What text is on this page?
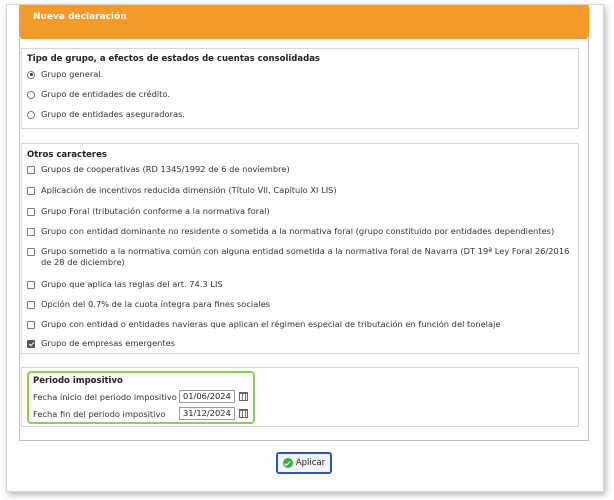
Nueva declaración
Tipo de grupo, a efectos de estados de cuentas consolidadas
Grupo general.
Grupo de entidades de crédito.
Grupo de entidades aseguradoras.
Otros caracteres
Grupos de cooperativas (RD 1345/1992 de 6 de noviembre)
Aplicación de incentivos reducida dimensión (Título VII, Capítulo XI LIS)
Grupo Foral (tributación conforme a la normativa foral)
Grupo con entidad dominante no residente o sometida a la normativa foral (grupo constituido por entidades dependientes)
Grupo sometido a la normativa común con alguna entidad sometida a la normativa foral de Navarra (DT 19ª Ley Foral 26/2016 de 28 de diciembre)
Grupo que aplica las reglas del art. 74.3 LIS
Opción del 0.7% de la cuota íntegra para fines sociales
Grupo con entidad o entidades navieras que aplican el régimen especial de tributación en función del tonelaje
Grupo de empresas emergentes
Periodo impositivo
Fecha inicio del periodo impositivo 01/06/2024
Fecha fin del periodo impositivo	31/12/2024
Aplicar
